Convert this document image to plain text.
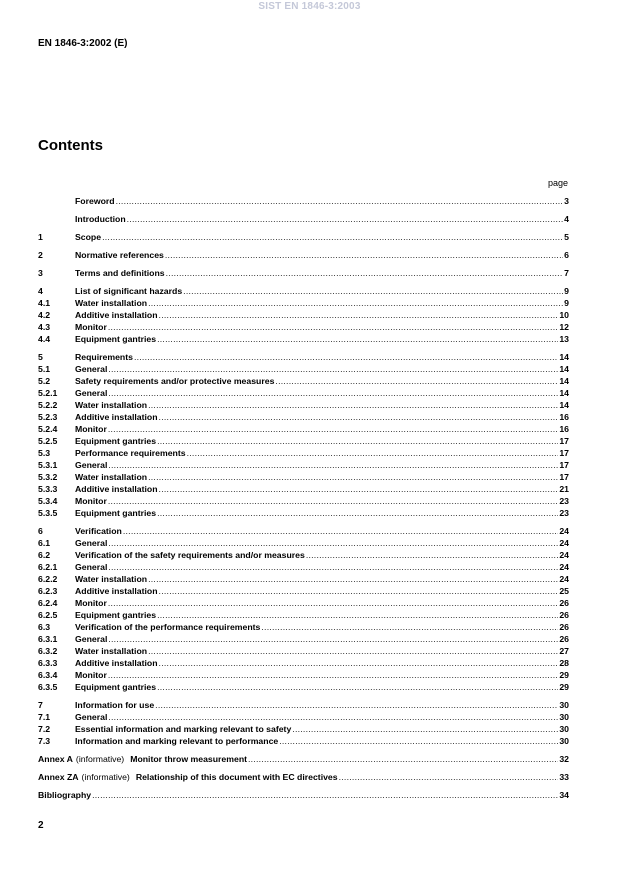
SIST EN 1846-3:2003
EN 1846-3:2002 (E)
Contents
page
Foreword .....	3
Introduction .....	4
1	Scope .....	5
2	Normative references .....	6
3	Terms and definitions .....	7
4	List of significant hazards .....	9
4.1	Water installation .....	9
4.2	Additive installation .....	10
4.3	Monitor .....	12
4.4	Equipment gantries .....	13
5	Requirements .....	14
5.1	General .....	14
5.2	Safety requirements and/or protective measures .....	14
5.2.1	General .....	14
5.2.2	Water installation .....	14
5.2.3	Additive installation .....	16
5.2.4	Monitor .....	16
5.2.5	Equipment gantries .....	17
5.3	Performance requirements .....	17
5.3.1	General .....	17
5.3.2	Water installation .....	17
5.3.3	Additive installation .....	21
5.3.4	Monitor .....	23
5.3.5	Equipment gantries .....	23
6	Verification .....	24
6.1	General .....	24
6.2	Verification of the safety requirements and/or measures .....	24
6.2.1	General .....	24
6.2.2	Water installation .....	24
6.2.3	Additive installation .....	25
6.2.4	Monitor .....	26
6.2.5	Equipment gantries .....	26
6.3	Verification of the performance requirements .....	26
6.3.1	General .....	26
6.3.2	Water installation .....	27
6.3.3	Additive installation .....	28
6.3.4	Monitor .....	29
6.3.5	Equipment gantries .....	29
7	Information for use .....	30
7.1	General .....	30
7.2	Essential information and marking relevant to safety .....	30
7.3	Information and marking relevant to performance .....	30
Annex A (informative) Monitor throw measurement .....	32
Annex ZA (informative) Relationship of this document with EC directives .....	33
Bibliography .....	34
2
